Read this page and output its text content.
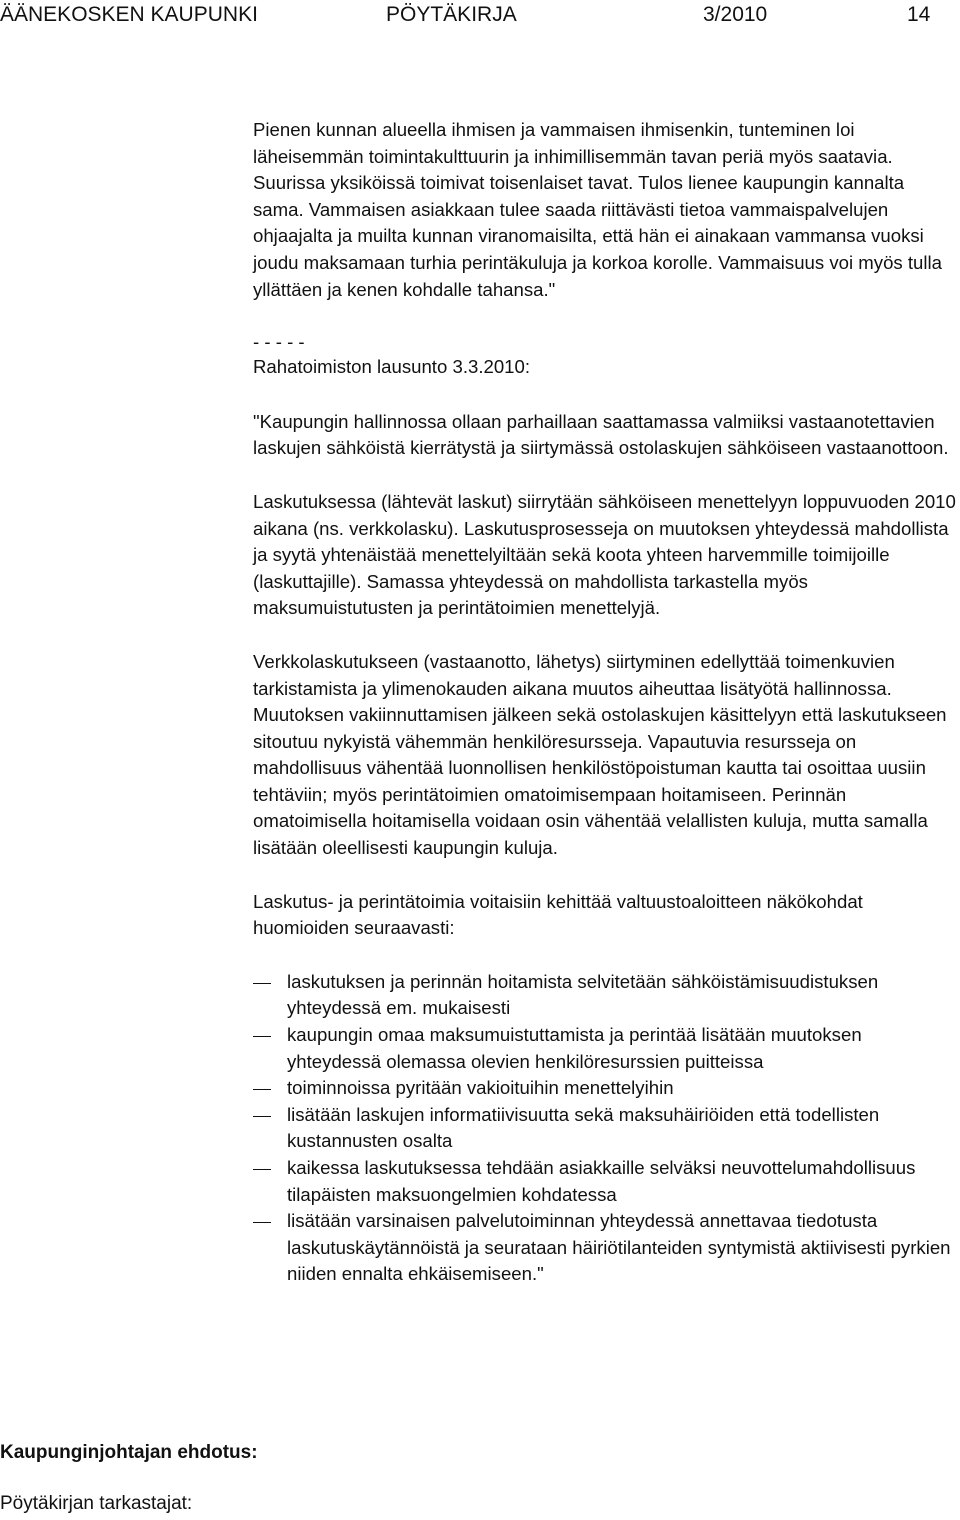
ÄÄNEKOSKEN KAUPUNKI	PÖYTÄKIRJA	3/2010	14

Pienen kunnan alueella ihmisen ja vammaisen ihmisenkin, tunteminen loi läheisemmän toimintakulttuurin ja inhimillisemmän tavan periä myös saatavia. Suurissa yksiköissä toimivat toisenlaiset tavat. Tulos lienee kaupungin kannalta sama. Vammaisen asiakkaan tulee saada riittävästi tietoa vammaispalvelujen ohjaajalta ja muilta kunnan viranomaisilta, että hän ei ainakaan vammansa vuoksi joudu maksamaan turhia perintäkuluja ja korkoa korolle. Vammaisuus voi myös tulla yllättäen ja kenen kohdalle tahansa."

- - - - -

Rahatoimiston lausunto 3.3.2010:

"Kaupungin hallinnossa ollaan parhaillaan saattamassa valmiiksi vastaanotettavien laskujen sähköistä kierrätystä ja siirtymässä ostolaskujen sähköiseen vastaanottoon.

Laskutuksessa (lähtevät laskut) siirrytään sähköiseen menettelyyn loppuvuoden 2010 aikana (ns. verkkolasku). Laskutusprosesseja on muutoksen yhteydessä mahdollista ja syytä yhtenäistää menettelyiltään sekä koota yhteen harvemmille toimijoille (laskuttajille). Samassa yhteydessä on mahdollista tarkastella myös maksumuistutusten ja perintätoimien menettelyjä.

Verkkolaskutukseen (vastaanotto, lähetys) siirtyminen edellyttää toimenkuvien tarkistamista ja ylimenokauden aikana muutos aiheuttaa lisätyötä hallinnossa. Muutoksen vakiinnuttamisen jälkeen sekä ostolaskujen käsittelyyn että laskutukseen sitoutuu nykyistä vähemmän henkilöresursseja. Vapautuvia resursseja on mahdollisuus vähentää luonnollisen henkilöstöpoistuman kautta tai osoittaa uusiin tehtäviin; myös perintätoimien omatoimisempaan hoitamiseen. Perinnän omatoimisella hoitamisella voidaan osin vähentää velallisten kuluja, mutta samalla lisätään oleellisesti kaupungin kuluja.

Laskutus- ja perintätoimia voitaisiin kehittää valtuustoaloitteen näkökohdat huomioiden seuraavasti:

laskutuksen ja perinnän hoitamista selvitetään sähköistämisuudistuksen yhteydessä em. mukaisesti
kaupungin omaa maksumuistuttamista ja perintää lisätään muutoksen yhteydessä olemassa olevien henkilöresurssien puitteissa
toiminnoissa pyritään vakioituihin menettelyihin
lisätään laskujen informatiivisuutta sekä maksuhäiriöiden että todellisten kustannusten osalta
kaikessa laskutuksessa tehdään asiakkaille selväksi neuvottelumahdollisuus tilapäisten maksuongelmien kohdatessa
lisätään varsinaisen palvelutoiminnan yhteydessä annettavaa tiedotusta laskutuskäytännöistä ja seurataan häiriötilanteiden syntymistä aktiivisesti pyrkien niiden ennalta ehkäisemiseen."
Kaupunginjohtajan ehdotus:
Pöytäkirjan tarkastajat:
